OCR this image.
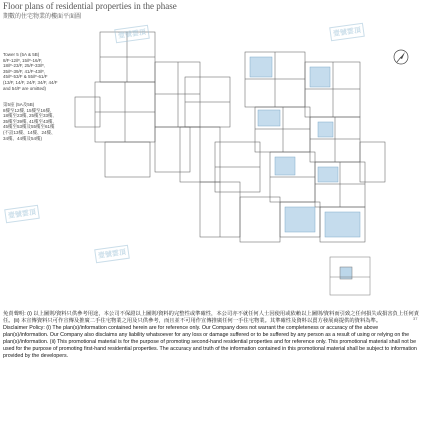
Floor plans of residential properties in the phase
期數的住宅物業的樓面平面圖
Tower 5 (5A & 5B)
8/F-12/F, 15/F-16/F,
18/F-23/F, 25/F-33/F,
35/F-39/F, 41/F-43/F,
45/F-53/F & 55/F-61/F
(13/F, 14/F, 24/F, 34/F, 44/F
and 54/F are omitted)
第5座 (5A及5B)
8樓至12樓, 15樓至16樓,
18樓至23樓, 25樓至33樓,
35樓至39樓, 41樓至43樓,
45樓至53樓及55樓至61樓
(不設13樓、14樓、24樓、
34樓、44樓及54樓)
壹號雲頂	壹號雲頂
壹號雲頂
壹號雲頂
37

免責聲明: (i) 以上圖則/資料只供參考用途，本公司不保證以上圖則/資料的完整性或準確性，本公司亦不就任何人士因使用或依賴以上圖則/資料而引致之任何損失或損害負上任何責任。(ii) 本宣傳資料只可作宣傳及推廣二手住宅物業之用及只供參考，而且並不可用作宣傳推廣任何一手住宅物業。其準確性及資料以賣方發展商提供的資料為準。

Disclaimer Policy: (i) The plan(s)/information contained herein are for reference only. Our Company does not warrant the completeness or accuracy of the above plan(s)/information. Our Company also disclaims any liability whatsoever for any loss or damage suffered or to be suffered by any person as a result of using or relying on the plan(s)/information. (ii) This promotional material is for the purpose of promoting second-hand residential properties and for reference only. This promotional material shall not be used for the purpose of promoting first-hand residential properties. The accuracy and truth of the information contained in this promotional material shall be subject to information provided by the developers.
